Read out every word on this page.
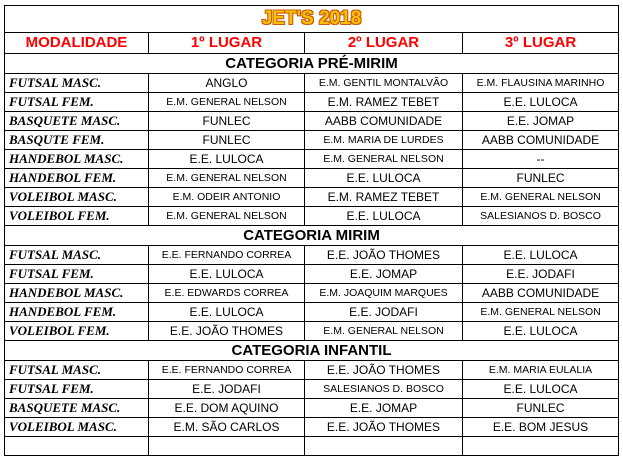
JET'S 2018			
MODALIDADE	1º LUGAR	2º LUGAR	3º LUGAR
CATEGORIA PRÉ-MIRIM			
FUTSAL MASC.	ANGLO	E.M. GENTIL MONTALVÃO	E.M. FLAUSINA MARINHO
FUTSAL FEM.	E.M. GENERAL NELSON	E.M. RAMEZ TEBET	E.E. LULOCA
BASQUETE MASC.	FUNLEC	AABB COMUNIDADE	E.E. JOMAP
BASQUTE FEM.	FUNLEC	E.M. MARIA DE LURDES	AABB COMUNIDADE
HANDEBOL MASC.	E.E. LULOCA	E.M. GENERAL NELSON	--
HANDEBOL FEM.	E.M. GENERAL NELSON	E.E. LULOCA	FUNLEC
VOLEIBOL MASC.	E.M. ODEIR ANTONIO	E.M. RAMEZ TEBET	E.M. GENERAL NELSON
VOLEIBOL FEM.	E.M. GENERAL NELSON	E.E. LULOCA	SALESIANOS D. BOSCO
CATEGORIA MIRIM			
FUTSAL MASC.	E.E. FERNANDO CORREA	E.E. JOÃO THOMES	E.E. LULOCA
FUTSAL FEM.	E.E. LULOCA	E.E. JOMAP	E.E. JODAFI
HANDEBOL MASC.	E.E. EDWARDS CORREA	E.M. JOAQUIM MARQUES	AABB COMUNIDADE
HANDEBOL FEM.	E.E. LULOCA	E.E. JODAFI	E.M. GENERAL NELSON
VOLEIBOL FEM.	E.E. JOÃO THOMES	E.M. GENERAL NELSON	E.E. LULOCA
CATEGORIA INFANTIL			
FUTSAL MASC.	E.E. FERNANDO CORREA	E.E. JOÃO THOMES	E.M. MARIA EULALIA
FUTSAL FEM.	E.E. JODAFI	SALESIANOS D. BOSCO	E.E. LULOCA
BASQUETE MASC.	E.E. DOM AQUINO	E.E. JOMAP	FUNLEC
VOLEIBOL MASC.	E.M. SÃO CARLOS	E.E. JOÃO THOMES	E.E. BOM JESUS
